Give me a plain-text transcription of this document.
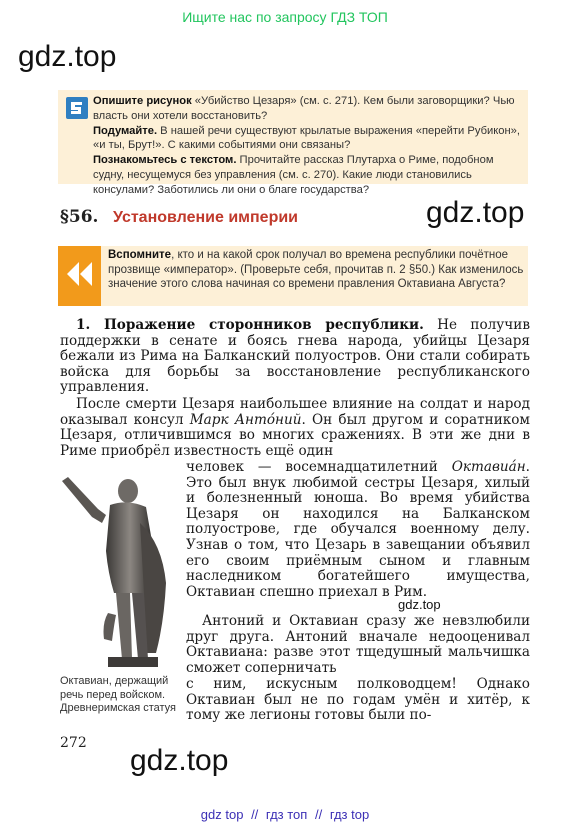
Ищите нас по запросу ГДЗ ТОП
gdz.top

Опишите рисунок «Убийство Цезаря» (см. с. 271). Кем были заговорщики? Чью власть они хотели восстановить?

Подумайте. В нашей речи существуют крылатые выражения «перейти Рубикон», «и ты, Брут!». С какими событиями они связаны?

Познакомьтесь с текстом. Прочитайте рассказ Плутарха о Риме, подобном судну, несущемуся без управления (см. с. 270). Какие люди становились консулами? Заботились ли они о благе государства?

§56. Установление империи	gdz.top
Вспомните, кто и на какой срок получал во времена республики почётное прозвище «император». (Проверьте себя, прочитав п. 2 §50.) Как изменилось значение этого слова начиная со времени правления Октавиана Августа?
1. Поражение сторонников республики. Не получив поддержки в сенате и боясь гнева народа, убийцы Цезаря бежали из Рима на Балканский полуостров. Они стали собирать войска для борьбы за восстановление республиканского управления.
После смерти Цезаря наибольшее влияние на солдат и народ оказывал консул Марк Антóний. Он был другом и соратником Цезаря, отличившимся во многих сражениях. В эти же дни в Риме приобрёл известность ещё один
человек — восемнадцатилетний Октавиáн. Это был внук любимой сестры Цезаря, хилый и болезненный юноша. Во время убийства Цезаря он находился на Балканском полуострове, где обучался военному делу. Узнав о том, что Цезарь в завещании объявил его своим приёмным сыном и главным наследником богатейшего имущества, Октавиан спешно приехал в Рим.
gdz.top
Антоний и Октавиан сразу же невзлюбили друг друга. Антоний вначале недооценивал Октавиана: разве этот тщедушный мальчишка сможет соперничать
с ним, искусным полководцем! Однако Октавиан был не по годам умён и хитёр, к тому же легионы готовы были по-
Октавиан, держащий речь перед войском. Древнеримская статуя
272
gdz.top
gdz top // гдз топ // гдз top
